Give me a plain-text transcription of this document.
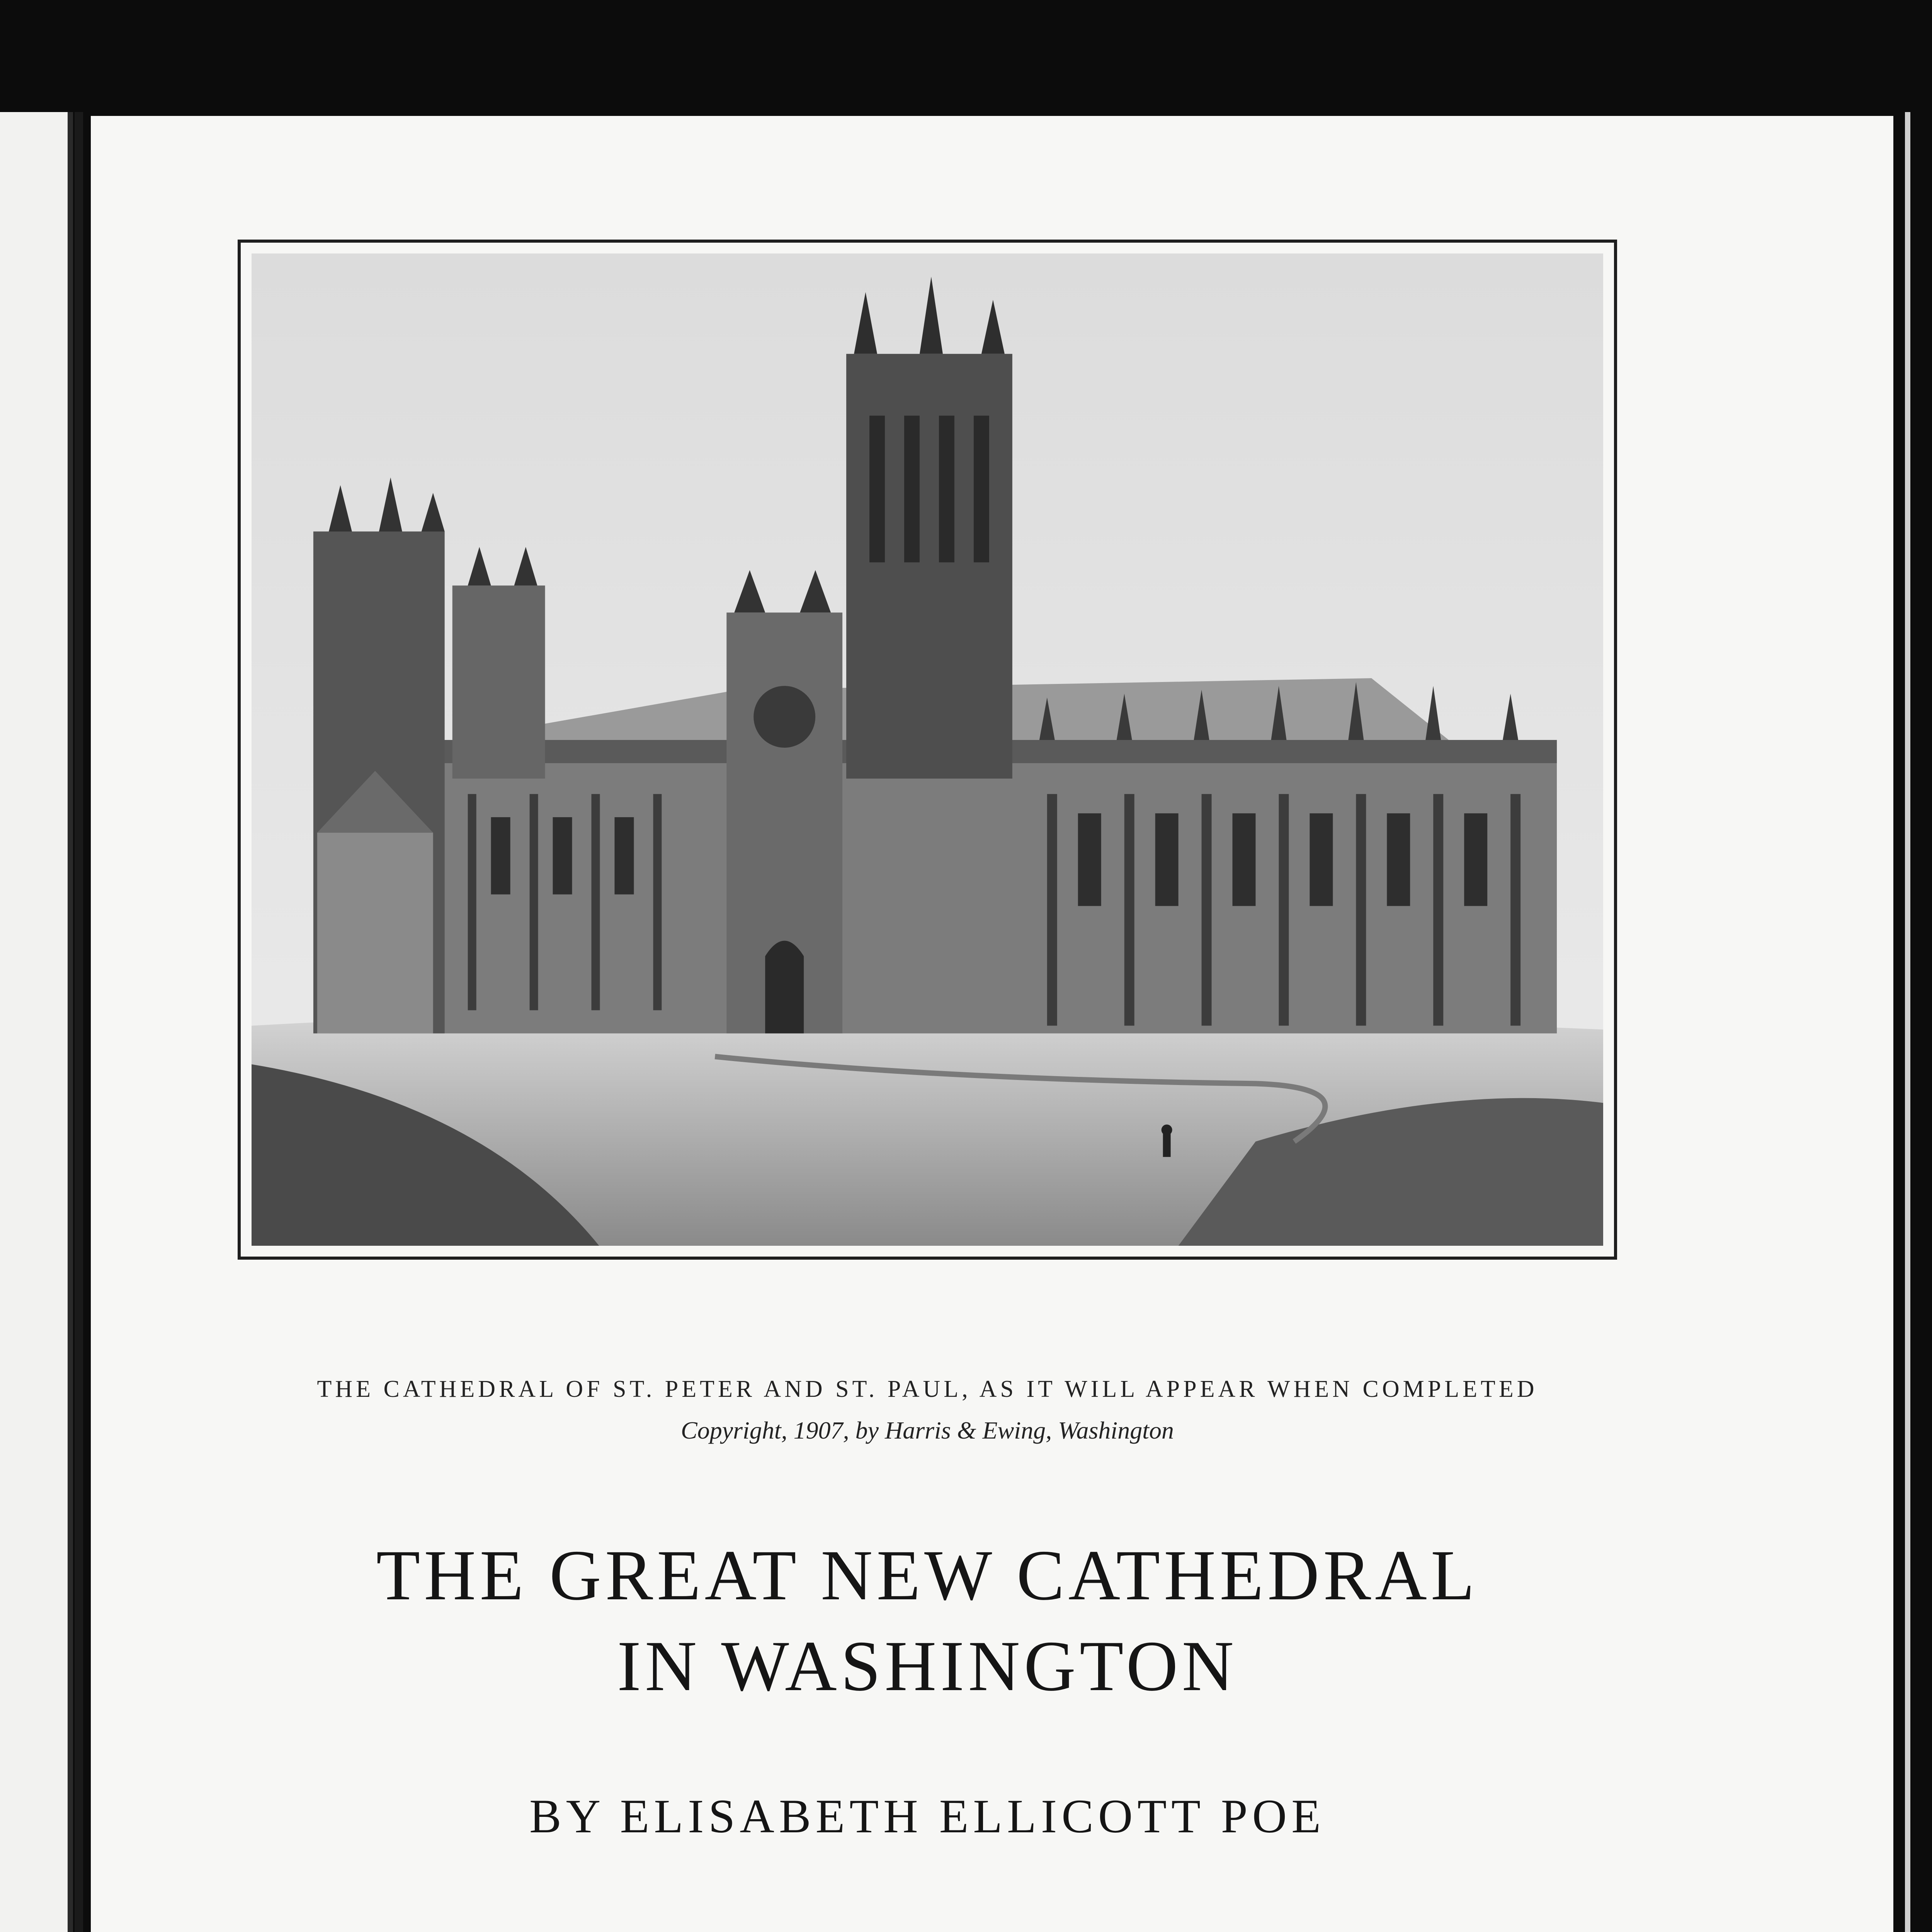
THE CATHEDRAL OF ST. PETER AND ST. PAUL, AS IT WILL APPEAR WHEN COMPLETED
Copyright, 1907, by Harris & Ewing, Washington
THE GREAT NEW CATHEDRAL
IN WASHINGTON
BY ELISABETH ELLICOTT POE
